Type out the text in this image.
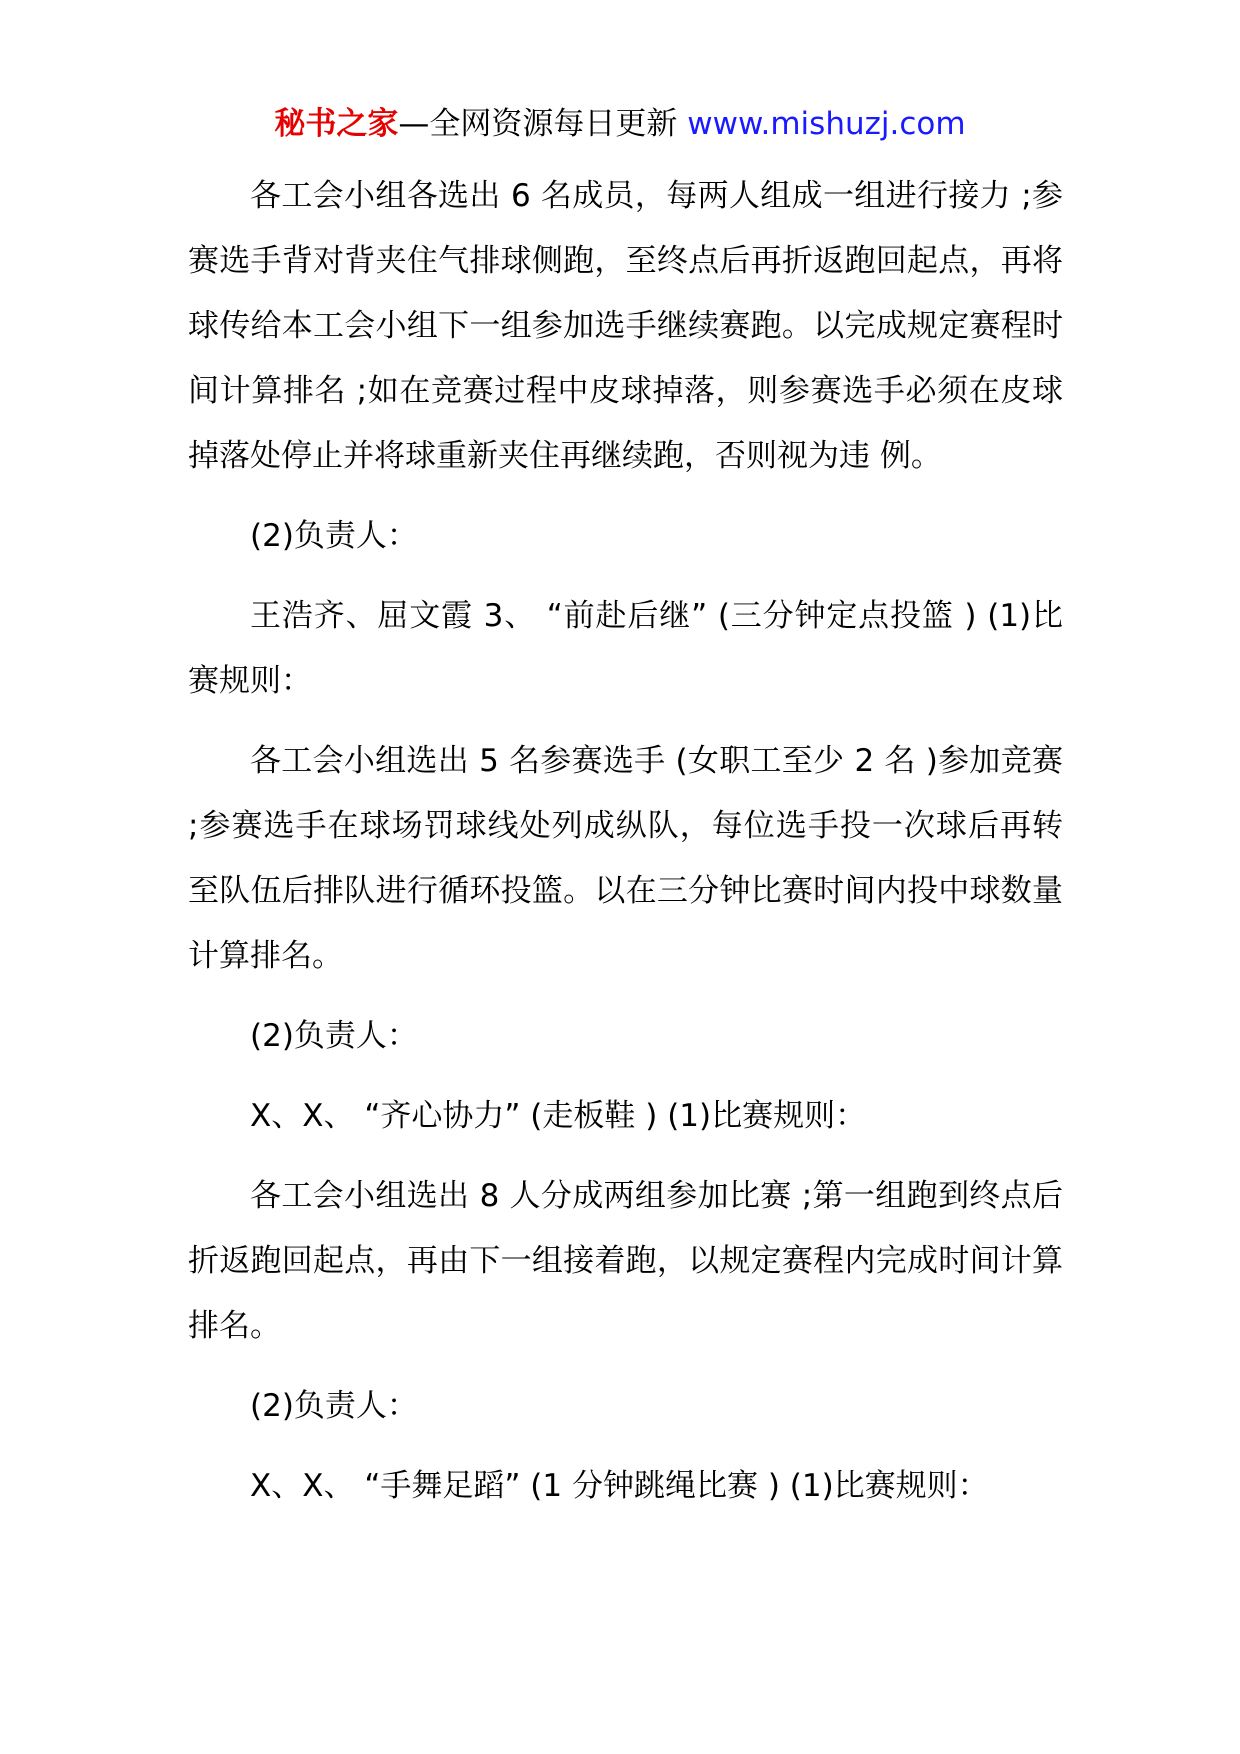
秘书之家—全网资源每日更新 www.mishuzj.com

各工会小组各选出 6 名成员，每两人组成一组进行接力 ;参赛选手背对背夹住气排球侧跑，至终点后再折返跑回起点，再将球传给本工会小组下一组参加选手继续赛跑。以完成规定赛程时间计算排名 ;如在竞赛过程中皮球掉落，则参赛选手必须在皮球掉落处停止并将球重新夹住再继续跑，否则视为违 例。

(2)负责人：

王浩齐、屈文霞 3、 “前赴后继” (三分钟定点投篮 ) (1)比赛规则：

各工会小组选出 5 名参赛选手 (女职工至少 2 名 )参加竞赛 ;参赛选手在球场罚球线处列成纵队，每位选手投一次球后再转至队伍后排队进行循环投篮。以在三分钟比赛时间内投中球数量计算排名。

(2)负责人：

X、X、 “齐心协力” (走板鞋 ) (1)比赛规则：

各工会小组选出 8 人分成两组参加比赛 ;第一组跑到终点后折返跑回起点，再由下一组接着跑，以规定赛程内完成时间计算排名。

(2)负责人：

X、X、 “手舞足蹈” (1 分钟跳绳比赛 ) (1)比赛规则：
